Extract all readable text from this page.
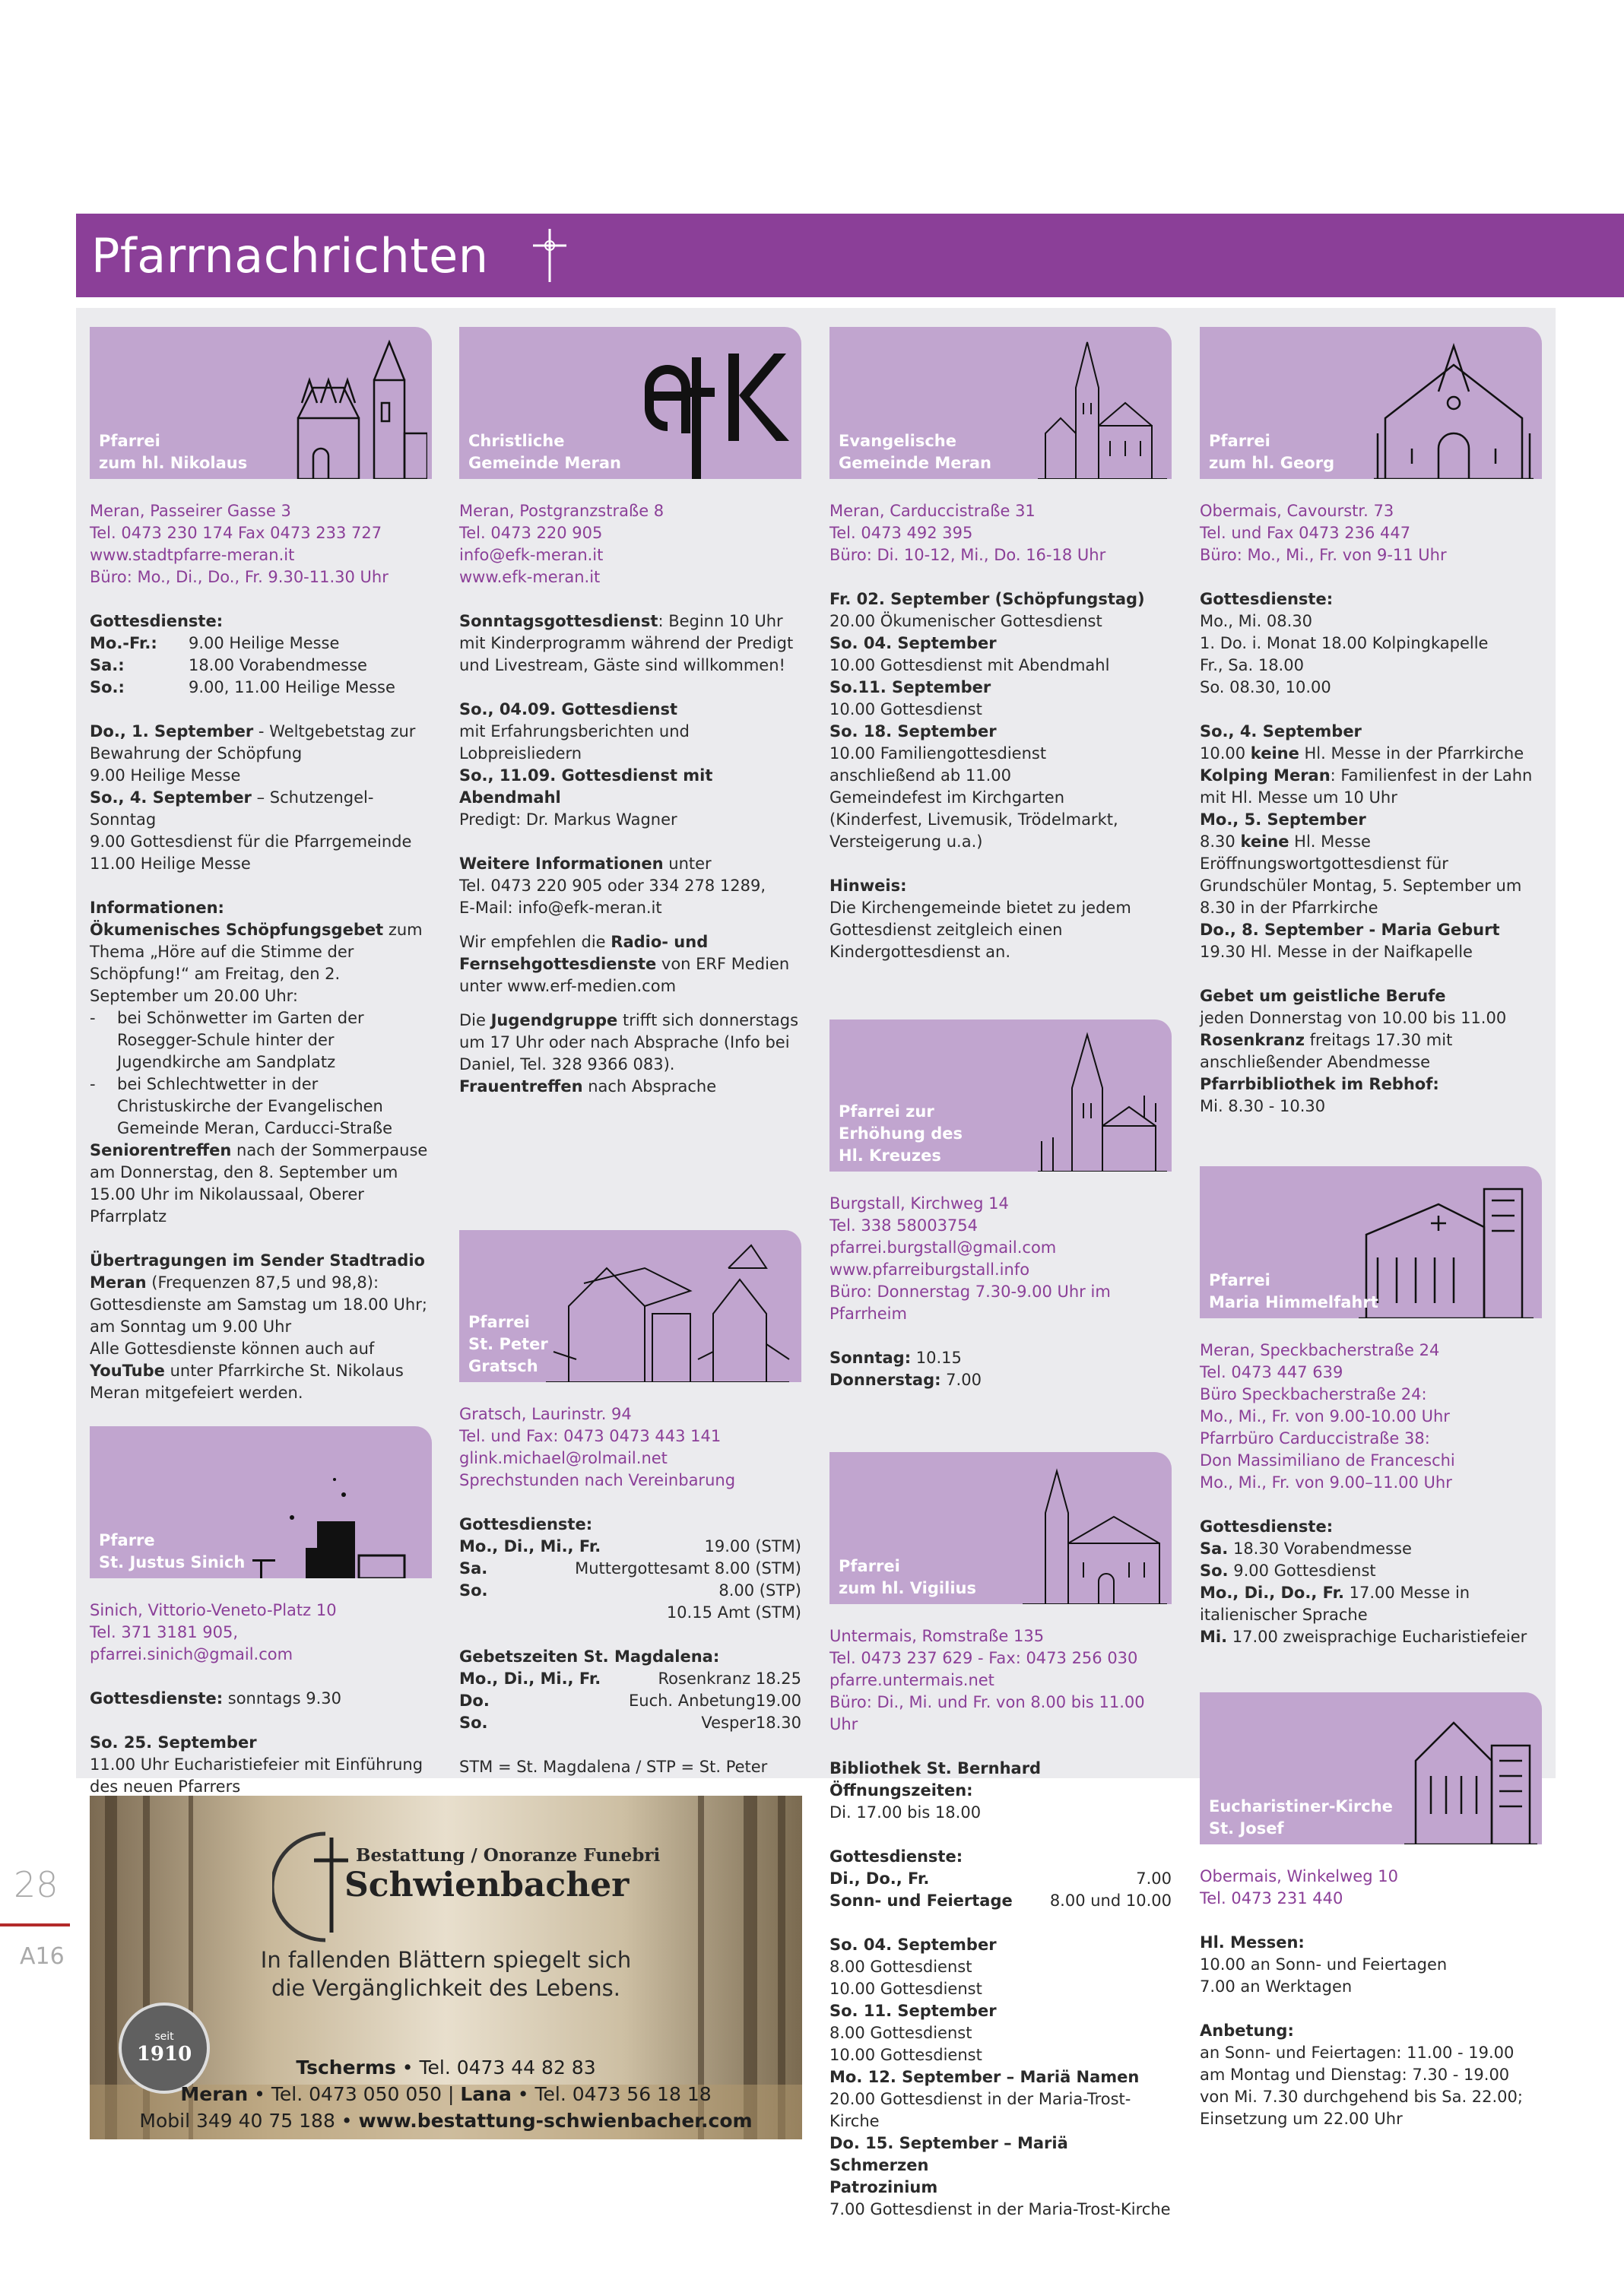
Pfarrnachrichten
Pfarrei
zum hl. Nikolaus
Meran, Passeirer Gasse 3
Tel. 0473 230 174 Fax 0473 233 727
www.stadtpfarre-meran.it
Büro: Mo., Di., Do., Fr. 9.30-11.30 Uhr
Gottesdienste:
Mo.-Fr.:	9.00 Heilige Messe
Sa.:	18.00 Vorabendmesse
So.:	9.00, 11.00 Heilige Messe
Do., 1. September - Weltgebetstag zur Bewahrung der Schöpfung
9.00 Heilige Messe
So., 4. September – Schutzengel-Sonntag
9.00 Gottesdienst für die Pfarrgemeinde
11.00 Heilige Messe
Informationen:
Ökumenisches Schöpfungsgebet zum Thema „Höre auf die Stimme der Schöpfung!“ am Freitag, den 2. September um 20.00 Uhr:
-	bei Schönwetter im Garten der Rosegger-Schule hinter der Jugendkirche am Sandplatz
-	bei Schlechtwetter in der Christuskirche der Evangelischen Gemeinde Meran, Carducci-Straße
Seniorentreffen nach der Sommerpause am Donnerstag, den 8. September um 15.00 Uhr im Nikolaussaal, Oberer Pfarrplatz
Übertragungen im Sender Stadtradio Meran (Frequenzen 87,5 und 98,8):
Gottesdienste am Samstag um 18.00 Uhr; am Sonntag um 9.00 Uhr
Alle Gottesdienste können auch auf YouTube unter Pfarrkirche St. Nikolaus Meran mitgefeiert werden.
Pfarre
St. Justus Sinich
Sinich, Vittorio-Veneto-Platz 10
Tel. 371 3181 905, pfarrei.sinich@gmail.com
Gottesdienste: sonntags 9.30
So. 25. September
11.00 Uhr Eucharistiefeier mit Einführung des neuen Pfarrers
EfK
Christliche
Gemeinde Meran
Meran, Postgranzstraße 8
Tel. 0473 220 905
info@efk-meran.it
www.efk-meran.it
Sonntagsgottesdienst: Beginn 10 Uhr mit Kinderprogramm während der Predigt und Livestream, Gäste sind willkommen!
So., 04.09. Gottesdienst
mit Erfahrungsberichten und Lobpreisliedern
So., 11.09. Gottesdienst mit Abendmahl
Predigt: Dr. Markus Wagner
Weitere Informationen unter
Tel. 0473 220 905 oder 334 278 1289,
E-Mail: info@efk-meran.it
Wir empfehlen die Radio- und Fernsehgottesdienste von ERF Medien unter www.erf-medien.com
Die Jugendgruppe trifft sich donnerstags um 17 Uhr oder nach Absprache (Info bei Daniel, Tel. 328 9366 083).
Frauentreffen nach Absprache
Pfarrei
St. Peter
Gratsch
Gratsch, Laurinstr. 94
Tel. und Fax: 0473 0473 443 141
glink.michael@rolmail.net
Sprechstunden nach Vereinbarung
Gottesdienste:
Mo., Di., Mi., Fr.	19.00 (STM)
Sa.	Muttergottesamt 8.00 (STM)
So.	8.00 (STP)
10.15 Amt (STM)
Gebetszeiten St. Magdalena:
Mo., Di., Mi., Fr.	Rosenkranz 18.25
Do.	Euch. Anbetung19.00
So.	Vesper18.30
STM = St. Magdalena / STP = St. Peter
Evangelische
Gemeinde Meran
Meran, Carduccistraße 31
Tel. 0473 492 395
Büro: Di. 10-12, Mi., Do. 16-18 Uhr
Fr. 02. September (Schöpfungstag)
20.00 Ökumenischer Gottesdienst
So. 04. September
10.00 Gottesdienst mit Abendmahl
So.11. September
10.00 Gottesdienst
So. 18. September
10.00 Familiengottesdienst
anschließend ab 11.00
Gemeindefest im Kirchgarten
(Kinderfest, Livemusik, Trödelmarkt, Versteigerung u.a.)
Hinweis:
Die Kirchengemeinde bietet zu jedem Gottesdienst zeitgleich einen Kindergottesdienst an.
Pfarrei zur
Erhöhung des
Hl. Kreuzes
Burgstall, Kirchweg 14
Tel. 338 58003754
pfarrei.burgstall@gmail.com
www.pfarreiburgstall.info
Büro: Donnerstag 7.30-9.00 Uhr im Pfarrheim
Sonntag: 10.15
Donnerstag: 7.00
Pfarrei
zum hl. Vigilius
Untermais, Romstraße 135
Tel. 0473 237 629 - Fax: 0473 256 030
pfarre.untermais.net
Büro: Di., Mi. und Fr. von 8.00 bis 11.00 Uhr
Bibliothek St. Bernhard
Öffnungszeiten:
Di. 17.00 bis 18.00
Gottesdienste:
Di., Do., Fr.	7.00
Sonn- und Feiertage 8.00 und 10.00
So. 04. September
8.00 Gottesdienst
10.00 Gottesdienst
So. 11. September
8.00 Gottesdienst
10.00 Gottesdienst
Mo. 12. September – Mariä Namen
20.00 Gottesdienst in der Maria-Trost-Kirche
Do. 15. September – Mariä Schmerzen
Patrozinium
7.00 Gottesdienst in der Maria-Trost-Kirche
Pfarrei
zum hl. Georg
Obermais, Cavourstr. 73
Tel. und Fax 0473 236 447
Büro: Mo., Mi., Fr. von 9-11 Uhr
Gottesdienste:
Mo., Mi. 08.30
1. Do. i. Monat 18.00 Kolpingkapelle
Fr., Sa. 18.00
So. 08.30, 10.00
So., 4. September
10.00 keine Hl. Messe in der Pfarrkirche
Kolping Meran: Familienfest in der Lahn mit Hl. Messe um 10 Uhr
Mo., 5. September
8.30 keine Hl. Messe
Eröffnungswortgottesdienst für Grundschüler Montag, 5. September um 8.30 in der Pfarrkirche
Do., 8. September - Maria Geburt
19.30 Hl. Messe in der Naifkapelle
Gebet um geistliche Berufe
jeden Donnerstag von 10.00 bis 11.00
Rosenkranz freitags 17.30 mit anschließender Abendmesse
Pfarrbibliothek im Rebhof:
Mi. 8.30 - 10.30
Pfarrei
Maria Himmelfahrt
Meran, Speckbacherstraße 24
Tel. 0473 447 639
Büro Speckbacherstraße 24:
Mo., Mi., Fr. von 9.00-10.00 Uhr
Pfarrbüro Carduccistraße 38:
Don Massimiliano de Franceschi
Mo., Mi., Fr. von 9.00–11.00 Uhr
Gottesdienste:
Sa. 18.30 Vorabendmesse
So. 9.00 Gottesdienst
Mo., Di., Do., Fr. 17.00 Messe in italienischer Sprache
Mi. 17.00 zweisprachige Eucharistiefeier
Eucharistiner-Kirche
St. Josef
Obermais, Winkelweg 10
Tel. 0473 231 440
Hl. Messen:
10.00 an Sonn- und Feiertagen
7.00 an Werktagen
Anbetung:
an Sonn- und Feiertagen: 11.00 - 19.00
am Montag und Dienstag: 7.30 - 19.00
von Mi. 7.30 durchgehend bis Sa. 22.00;
Einsetzung um 22.00 Uhr
Bestattung / Onoranze Funebri
Schwienbacher
In fallenden Blättern spiegelt sich
die Vergänglichkeit des Lebens.
seit
1910
Tscherms • Tel. 0473 44 82 83
Meran • Tel. 0473 050 050 | Lana • Tel. 0473 56 18 18
Mobil 349 40 75 188 • www.bestattung-schwienbacher.com
28
A16
